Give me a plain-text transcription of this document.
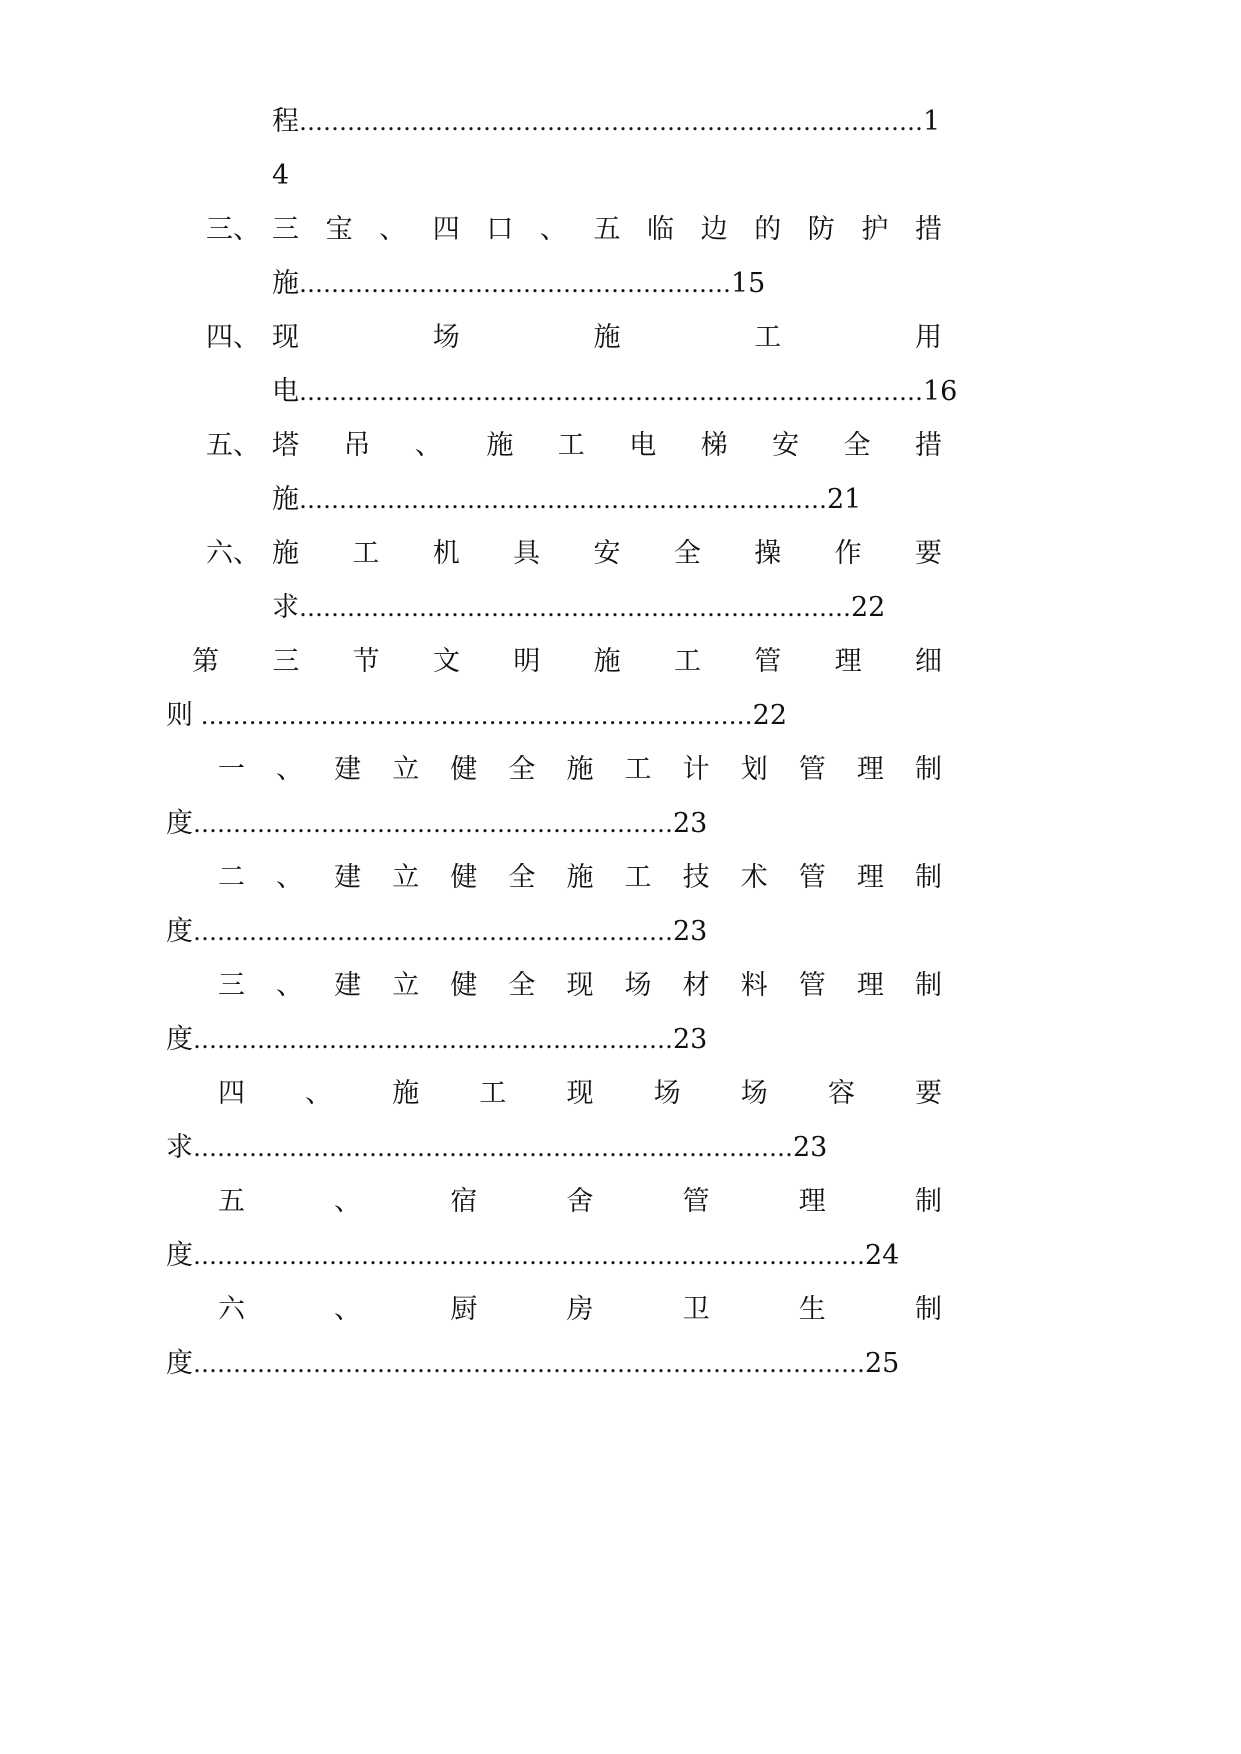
程……………………………………………………………………1
4
三、 三 宝 、 四 口 、 五 临 边 的 防 护 措
施………………………………………………15
四、 现	场	施	工	用
电……………………………………………………………………16
五、 塔 吊 、 施 工 电 梯 安 全 措
施…………………………………………………………21
六、 施 工 机 具 安 全 操 作 要
求……………………………………………………………22
第 三 节 文 明 施 工 管 理 细
则 ……………………………………………………………22
一 、 建 立 健 全 施 工 计 划 管 理 制
度……………………………………………………23
二 、 建 立 健 全 施 工 技 术 管 理 制
度……………………………………………………23
三 、 建 立 健 全 现 场 材 料 管 理 制
度……………………………………………………23
四 、 施 工 现 场 场 容 要
求…………………………………………………………………23
五	、	宿	舍	管	理	制
度…………………………………………………………………………24
六	、	厨	房	卫	生	制
度…………………………………………………………………………25
